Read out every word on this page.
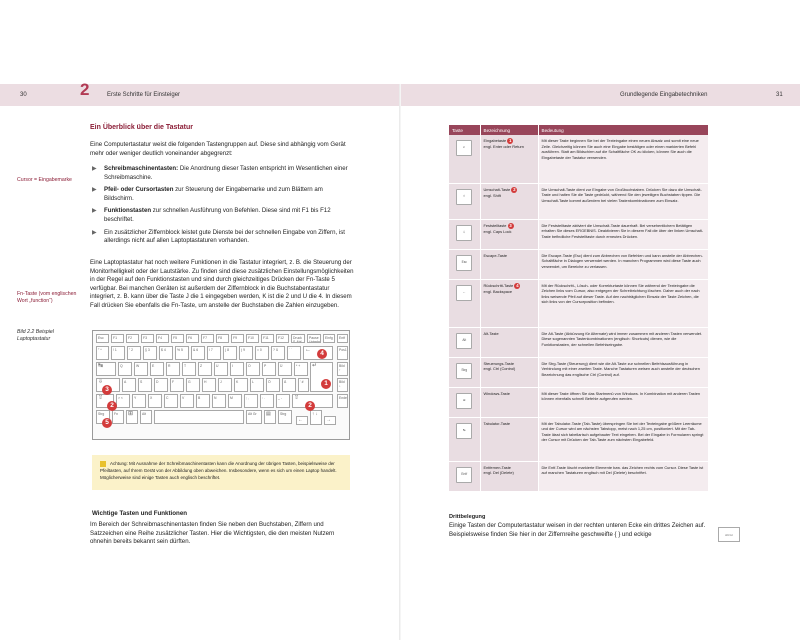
30	2	Erste Schritte für Einsteiger	Grundlegende Eingabetechniken	31
Ein Überblick über die Tastatur

Eine Computertastatur weist die folgenden Tastengruppen auf. Diese sind abhängig vom Gerät mehr oder weniger deutlich voneinander abgegrenzt:

▶ Schreibmaschinentasten: Die Anordnung dieser Tasten entspricht im Wesentlichen einer Schreibmaschine.
▶ Pfeil- oder Cursortasten zur Steuerung der Eingabemarke und zum Blättern am Bildschirm.
▶ Funktionstasten zur schnellen Ausführung von Befehlen. Diese sind mit F1 bis F12 beschriftet.
▶ Ein zusätzlicher Ziffernblock leistet gute Dienste bei der schnellen Eingabe von Ziffern, ist allerdings nicht auf allen Laptoptastaturen vorhanden.

Eine Laptoptastatur hat noch weitere Funktionen in die Tastatur integriert, z. B. die Steuerung der Monitorhelligkeit oder der Lautstärke. Zu finden sind diese zusätzlichen Einstellungsmöglichkeiten in der Regel auf den Funktionstasten und sind durch gleichzeitiges Drücken der Fn-Taste 5 verfügbar. Bei manchen Geräten ist außerdem der Ziffernblock in die Buchstabentastatur integriert, z. B. kann über die Taste J die 1 eingegeben werden, K ist die 2 und U die 4. In diesem Fall drücken Sie ebenfalls die Fn-Taste, um anstelle der Buchstaben die Zahlen einzugeben.

Cursor = Eingabemarke
Fn-Taste (vom englischen Wort „function“)
Bild 2.2 Beispiel Laptoptastatur	Esc	F1	F2	F3	F4	F5	F6	F7	F8	F9	F10	F11	F12	Druck S-Abf
Pause Unterbr
Einfg	Entf
° ^	! 1	" 2	§ 3	$ 4	% 5	& 6	/ 7	( 8	) 9	= 0	? ß	` ´	←	Pos1
↹	Q	W	E	R	T	Z	U	I	O	P	Ü	* +	↵	Bild ↑
⇩	A	S	D	F	G	H	J	K	L	Ö	Ä	' #	Bild ↓
⇧	> <	Y	X	C	V	B	N	M	; ,	: .	_ -	⇧	Ende
Strg	Fn	⊞	Alt	Alt Gr	▤	Strg
←
↑ ↓
→
1
2	2
3
4
5
Achtung: Mit Ausnahme der Schreibmaschinentasten kann die Anordnung der übrigen Tasten, beispielsweise der Pfeiltasten, auf Ihrem Gerät von der Abbildung oben abweichen. Insbesondere, wenn es sich um einen Laptop handelt. Möglicherweise sind einige Tasten auch englisch beschriftet.
Wichtige Tasten und Funktionen

Im Bereich der Schreibmaschinentasten finden Sie neben den Buchstaben, Ziffern und Satzzeichen eine Reihe zusätzlicher Tasten. Hier die Wichtigsten, die den meisten Nutzern ohnehin bereits bekannt sein dürften.

Taste	Bezeichnung	Bedeutung

↵	Eingabetaste 1
engl. Enter oder Return	Mit dieser Taste beginnen Sie bei der Texteingabe einen neuen Absatz und somit eine neue Zeile. Gleichzeitig können Sie auch eine Eingabe bestätigen oder einen markierten Befehl ausführen. Statt am Bildschirm auf die Schaltfläche OK zu klicken, können Sie auch die Eingabetaste der Tastatur verwenden.

⇧	Umschalt-Taste 2
engl. Shift	Die Umschalt-Taste dient zur Eingabe von Großbuchstaben. Drücken Sie dazu die Umschalt-Taste und halten Sie die Taste gedrückt, während Sie den jeweiligen Buchstaben tippen. Die Umschalt-Taste kommt außerdem bei vielen Tastenkombinationen zum Einsatz.

⇩	Feststelltaste 3
engl. Caps Lock	Die Feststelltaste aktiviert die Umschalt-Taste dauerhaft. Bei versehentlichem Betätigen erhalten Sie dieses ERGEBNIS. Deaktivieren Sie in diesem Fall die über der linken Umschalt-Taste befindliche Feststelltaste durch erneutes Drücken.

Esc	Escape-Taste	Die Escape-Taste (Esc) dient zum Abbrechen von Befehlen und kann anstelle der Abbrechen-Schaltfläche in Dialogen verwendet werden. In manchen Programmen wird diese Taste auch verwendet, um Bereiche zu verlassen.

←	Rückschritt-Taste 4
engl. Backspace	Mit der Rückschritt-, Lösch- oder Korrekturtaste können Sie während der Texteingabe die Zeichen links vom Cursor, also entgegen der Schreibrichtung löschen. Daher auch der nach links weisende Pfeil auf dieser Taste. Auf den nachträglichen Einsatz der Taste Zeichen, die sich links von der Cursorposition befinden.

Alt	Alt-Taste	Die Alt-Taste (Abkürzung für Alternate) wird immer zusammen mit anderen Tasten verwendet. Diese sogenannten Tastenkombinationen (englisch: Shortcuts) dienen, wie die Funktionstasten, der schnellen Befehlseingabe.

Strg	Steuerungs-Taste
engl. Ctrl (Control)	Die Strg-Taste (Steuerung) dient wie die Alt-Taste zur schnellen Befehlsausführung in Verbindung mit einer zweiten Taste. Manche Tastaturen weisen auch anstelle der deutschen Bezeichnung das englische Ctrl (Control) auf.

⊞	Windows-Taste	Mit dieser Taste öffnen Sie das Startmenü von Windows. In Kombination mit anderen Tasten können ebenfalls schnell Befehle aufgerufen werden.

↹	Tabulator-Taste	Mit der Tabulator-Taste (Tab-Taste) überspringen Sie bei der Texteingabe größere Leerräume und der Cursor wird am nächsten Tabstopp, meist nach 1,25 cm, positioniert. Mit der Tab-Taste lässt sich tabellarisch aufgebauter Text eingeben. Bei der Eingabe in Formularen springt der Cursor mit Drücken der Tab-Taste zum nächsten Eingabefeld.

Entf	Entfernen-Taste
engl. Del (Delete)	Die Entf-Taste löscht markierte Elemente bzw. das Zeichen rechts vom Cursor. Diese Taste ist auf manchen Tastaturen englisch mit Del (Delete) beschriftet.
Drittbelegung

Einige Tasten der Computertastatur weisen in der rechten unteren Ecke ein drittes Zeichen auf. Beispielsweise finden Sie hier in der Ziffernreihe geschweifte { } und eckige	Alt Gr
